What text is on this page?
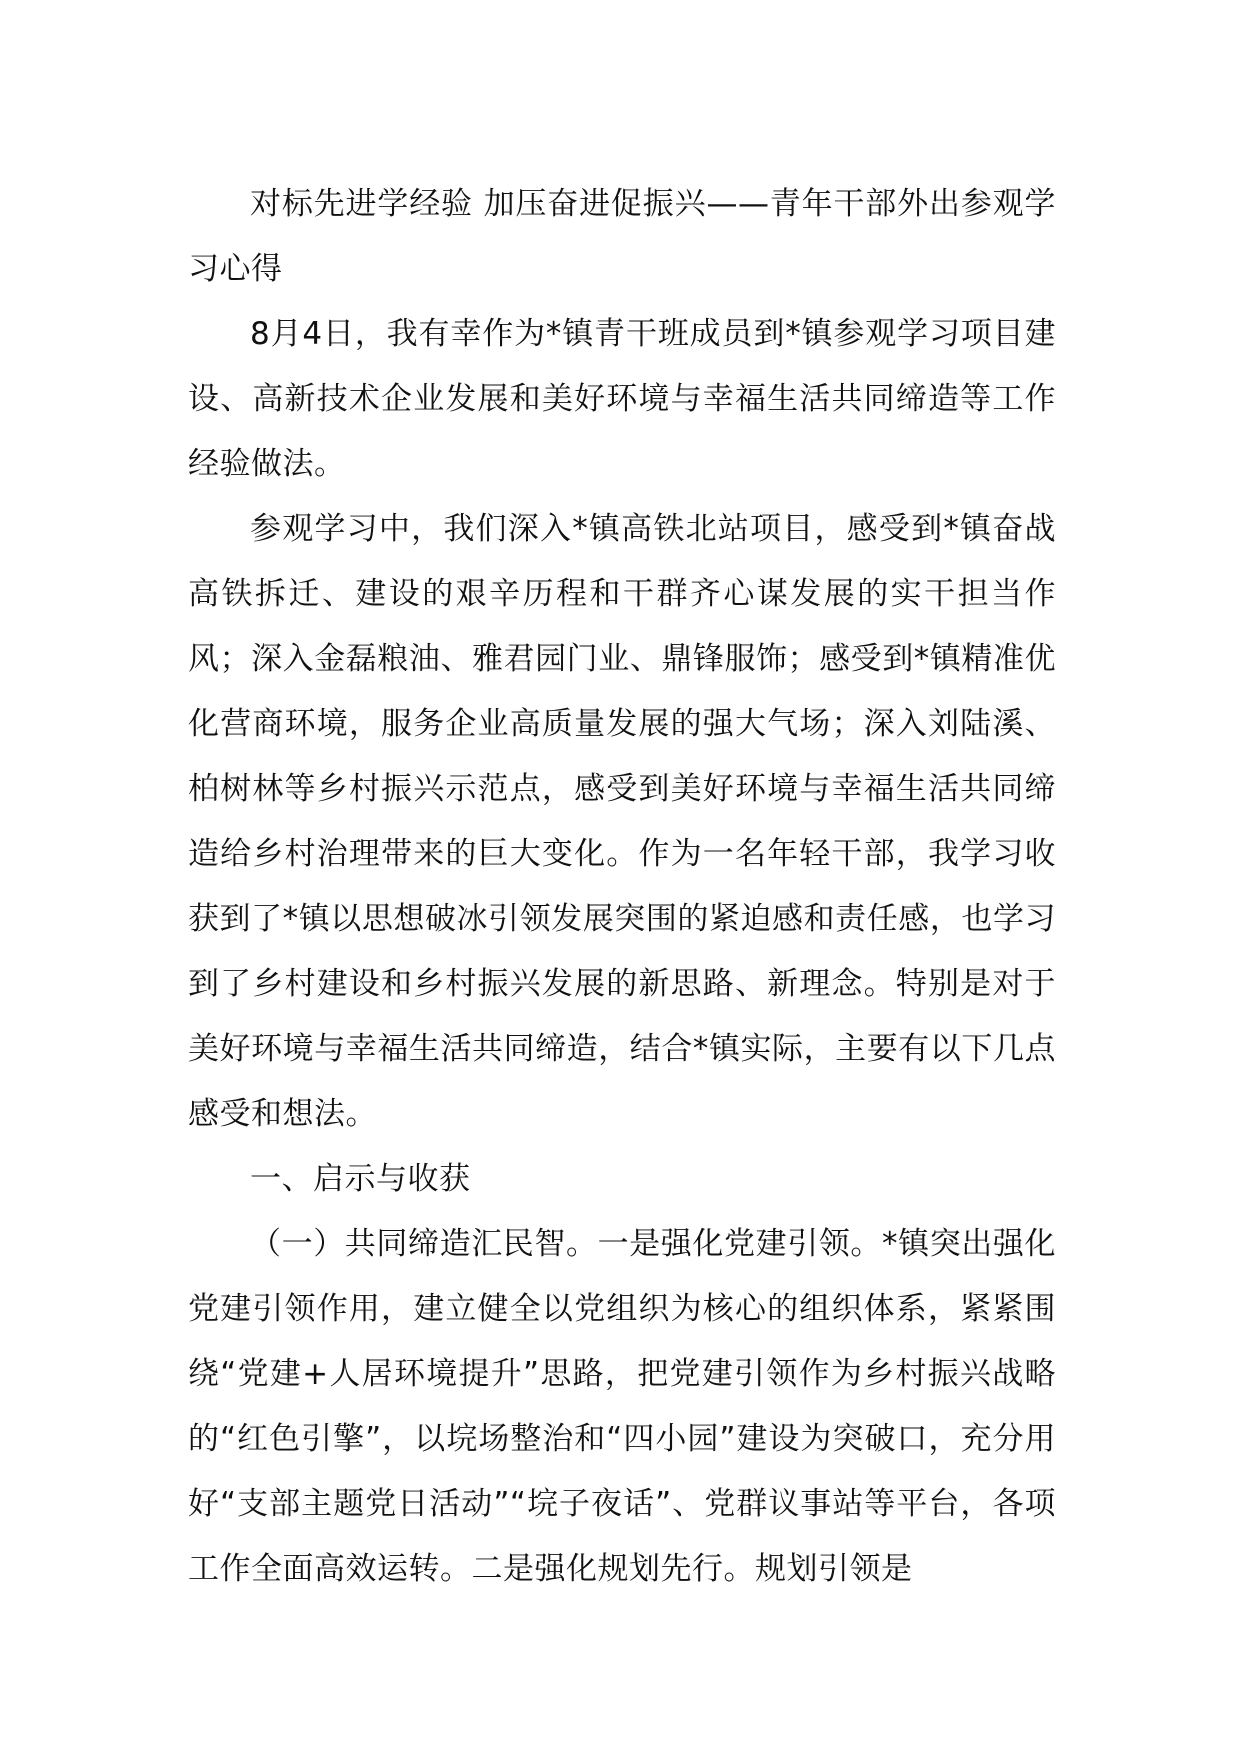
对标先进学经验 加压奋进促振兴——青年干部外出参观学习心得

8月4日，我有幸作为*镇青干班成员到*镇参观学习项目建设、高新技术企业发展和美好环境与幸福生活共同缔造等工作经验做法。

参观学习中，我们深入*镇高铁北站项目，感受到*镇奋战高铁拆迁、建设的艰辛历程和干群齐心谋发展的实干担当作风；深入金磊粮油、雅君园门业、鼎锋服饰；感受到*镇精准优化营商环境，服务企业高质量发展的强大气场；深入刘陆溪、柏树林等乡村振兴示范点，感受到美好环境与幸福生活共同缔造给乡村治理带来的巨大变化。作为一名年轻干部，我学习收获到了*镇以思想破冰引领发展突围的紧迫感和责任感，也学习到了乡村建设和乡村振兴发展的新思路、新理念。特别是对于美好环境与幸福生活共同缔造，结合*镇实际，主要有以下几点感受和想法。

一、启示与收获

（一）共同缔造汇民智。一是强化党建引领。*镇突出强化党建引领作用，建立健全以党组织为核心的组织体系，紧紧围绕“党建+人居环境提升”思路，把党建引领作为乡村振兴战略的“红色引擎”，以垸场整治和“四小园”建设为突破口，充分用好“支部主题党日活动”“垸子夜话”、党群议事站等平台，各项工作全面高效运转。二是强化规划先行。规划引领是
